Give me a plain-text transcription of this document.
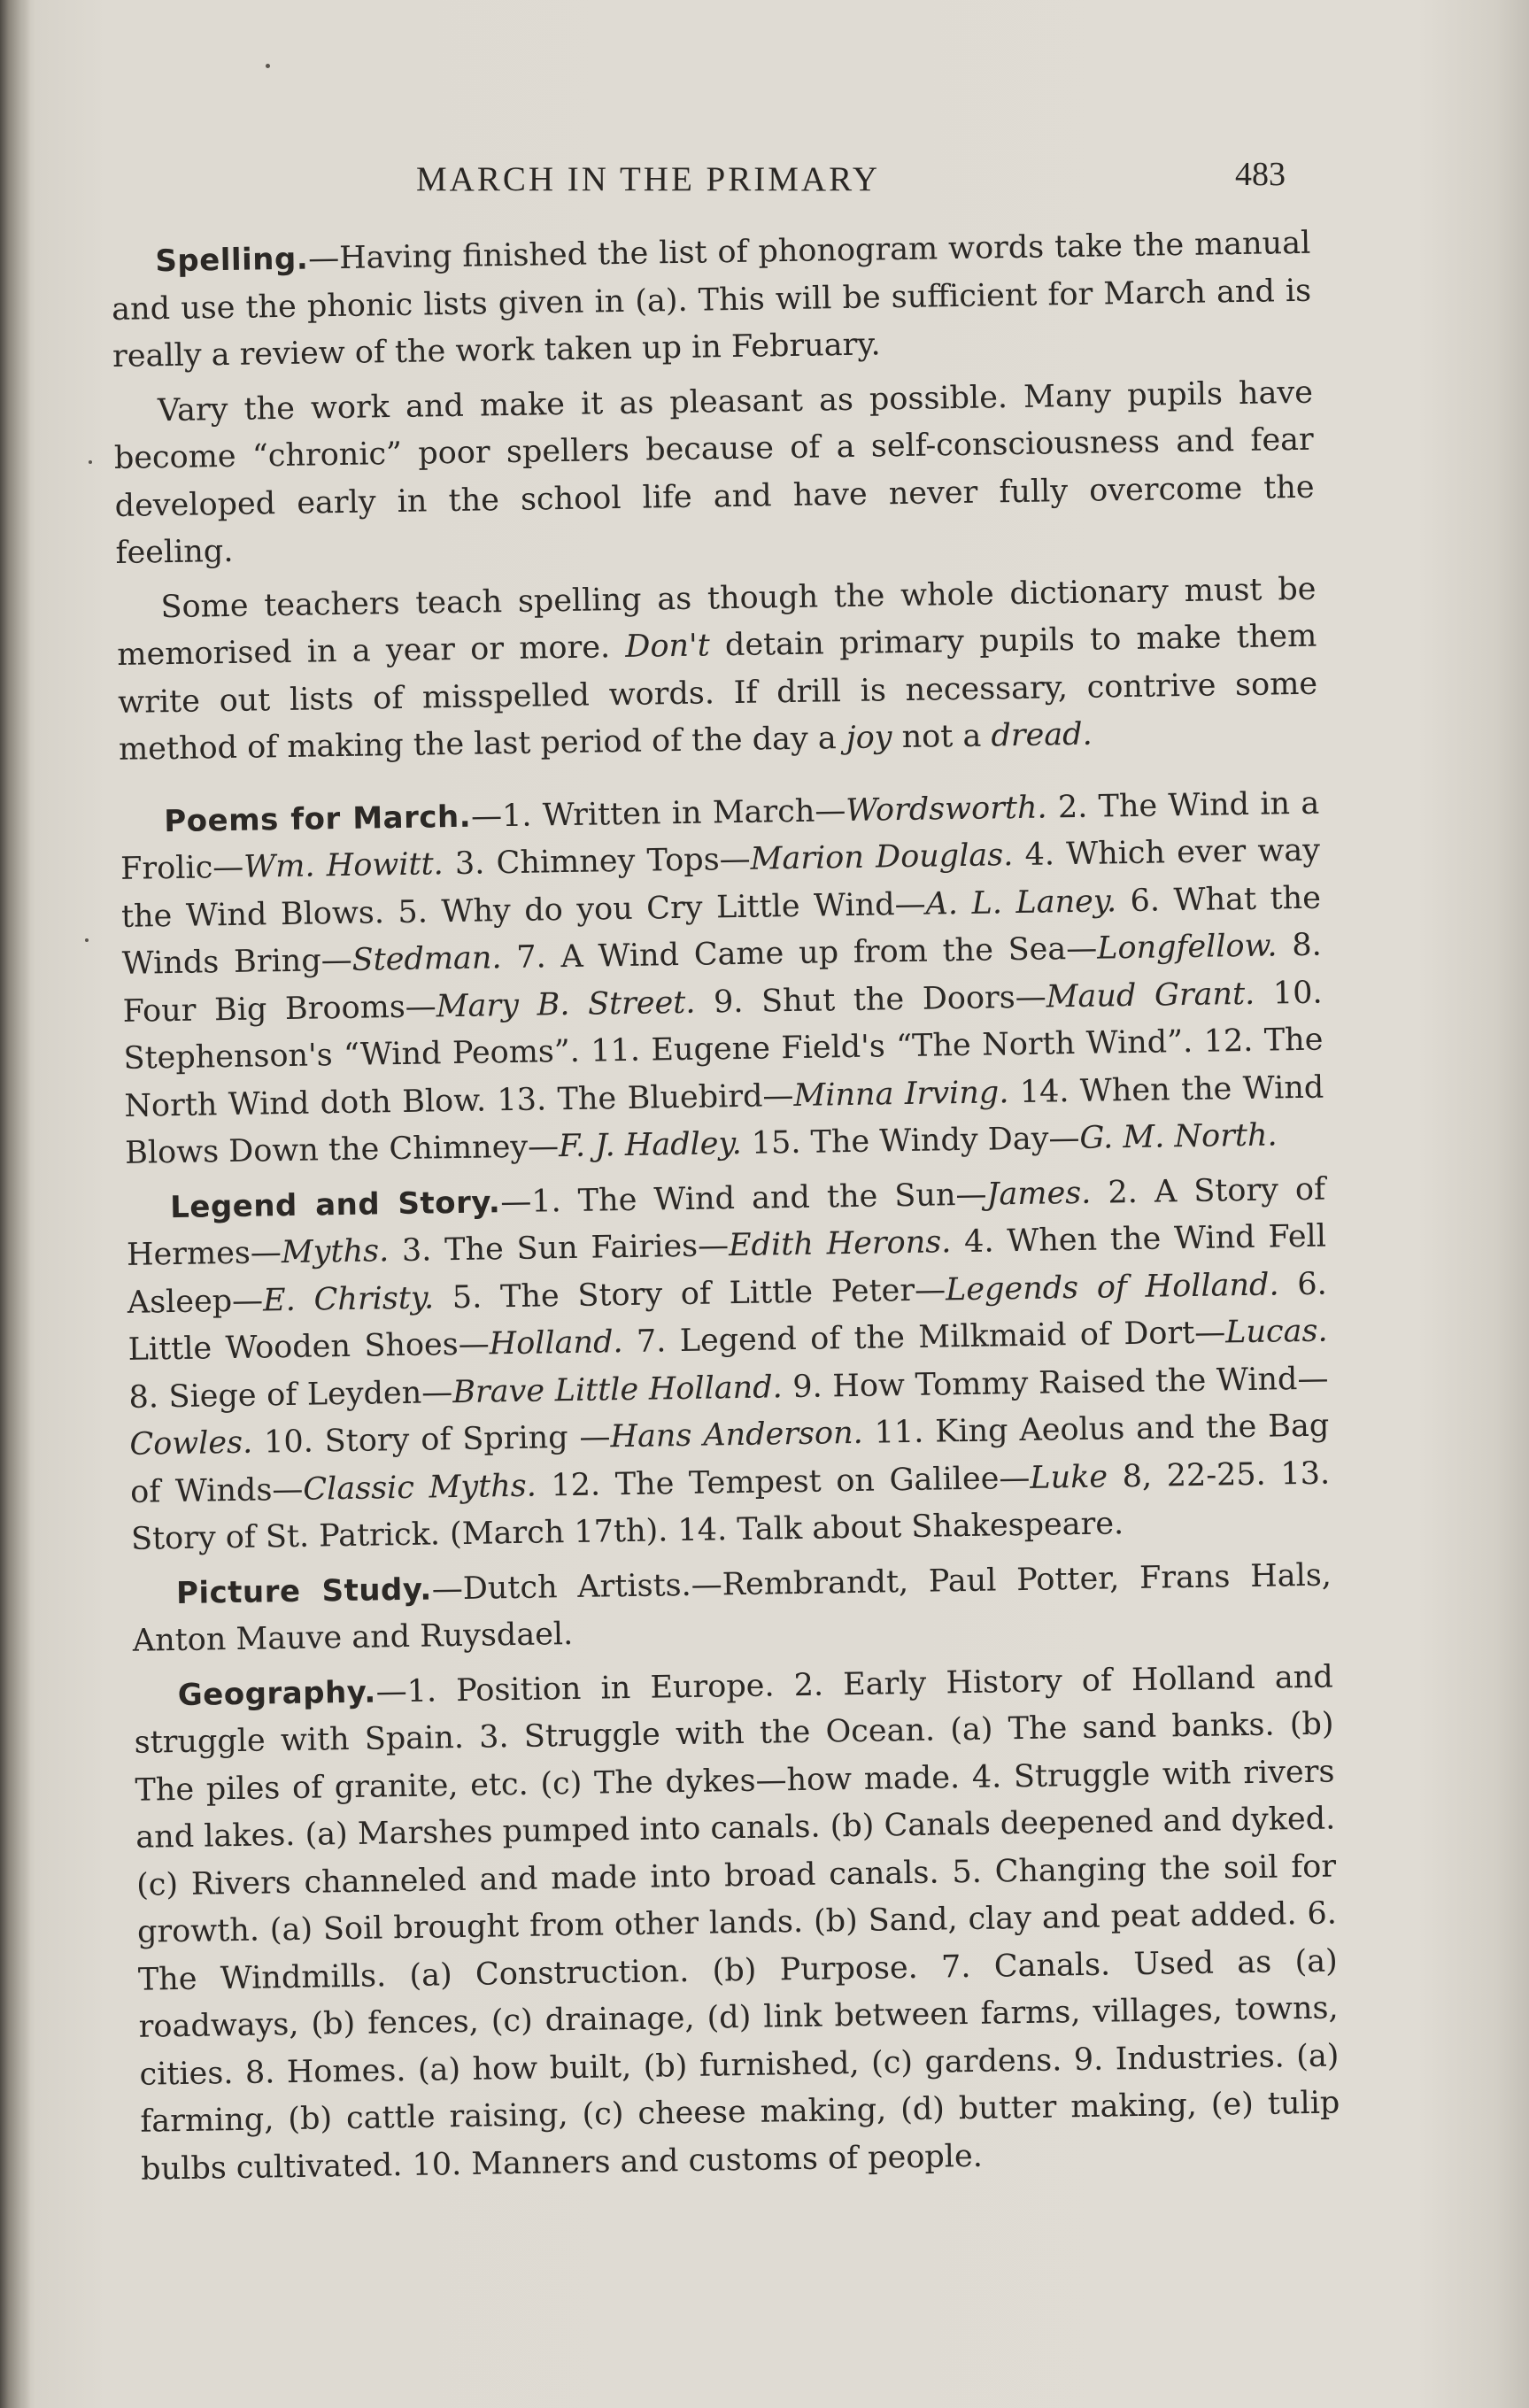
MARCH IN THE PRIMARY	483

Spelling.—Having finished the list of phonogram words take the manual and use the phonic lists given in (a). This will be sufficient for March and is really a review of the work taken up in February.

Vary the work and make it as pleasant as possible. Many pupils have become “chronic” poor spellers because of a self-consciousness and fear developed early in the school life and have never fully overcome the feeling.

Some teachers teach spelling as though the whole dictionary must be memorised in a year or more. Don't detain primary pupils to make them write out lists of misspelled words. If drill is necessary, contrive some method of making the last period of the day a joy not a dread.

Poems for March.—1. Written in March—Wordsworth. 2. The Wind in a Frolic—Wm. Howitt. 3. Chimney Tops—Marion Douglas. 4. Which ever way the Wind Blows. 5. Why do you Cry Little Wind—A. L. Laney. 6. What the Winds Bring—Stedman. 7. A Wind Came up from the Sea—Longfellow. 8. Four Big Brooms—Mary B. Street. 9. Shut the Doors—Maud Grant. 10. Stephenson's “Wind Peoms”. 11. Eugene Field's “The North Wind”. 12. The North Wind doth Blow. 13. The Bluebird—Minna Irving. 14. When the Wind Blows Down the Chimney—F. J. Hadley. 15. The Windy Day—G. M. North.

Legend and Story.—1. The Wind and the Sun—James. 2. A Story of Hermes—Myths. 3. The Sun Fairies—Edith Herons. 4. When the Wind Fell Asleep—E. Christy. 5. The Story of Little Peter—Legends of Holland. 6. Little Wooden Shoes—Holland. 7. Legend of the Milkmaid of Dort—Lucas. 8. Siege of Leyden—Brave Little Holland. 9. How Tommy Raised the Wind—Cowles. 10. Story of Spring —Hans Anderson. 11. King Aeolus and the Bag of Winds—Classic Myths. 12. The Tempest on Galilee—Luke 8, 22-25. 13. Story of St. Patrick. (March 17th). 14. Talk about Shakespeare.

Picture Study.—Dutch Artists.—Rembrandt, Paul Potter, Frans Hals, Anton Mauve and Ruysdael.

Geography.—1. Position in Europe. 2. Early History of Holland and struggle with Spain. 3. Struggle with the Ocean. (a) The sand banks. (b) The piles of granite, etc. (c) The dykes—how made. 4. Struggle with rivers and lakes. (a) Marshes pumped into canals. (b) Canals deepened and dyked. (c) Rivers channeled and made into broad canals. 5. Changing the soil for growth. (a) Soil brought from other lands. (b) Sand, clay and peat added. 6. The Windmills. (a) Construction. (b) Purpose. 7. Canals. Used as (a) roadways, (b) fences, (c) drainage, (d) link between farms, villages, towns, cities. 8. Homes. (a) how built, (b) furnished, (c) gardens. 9. Industries. (a) farming, (b) cattle raising, (c) cheese making, (d) butter making, (e) tulip bulbs cultivated. 10. Manners and customs of people.
